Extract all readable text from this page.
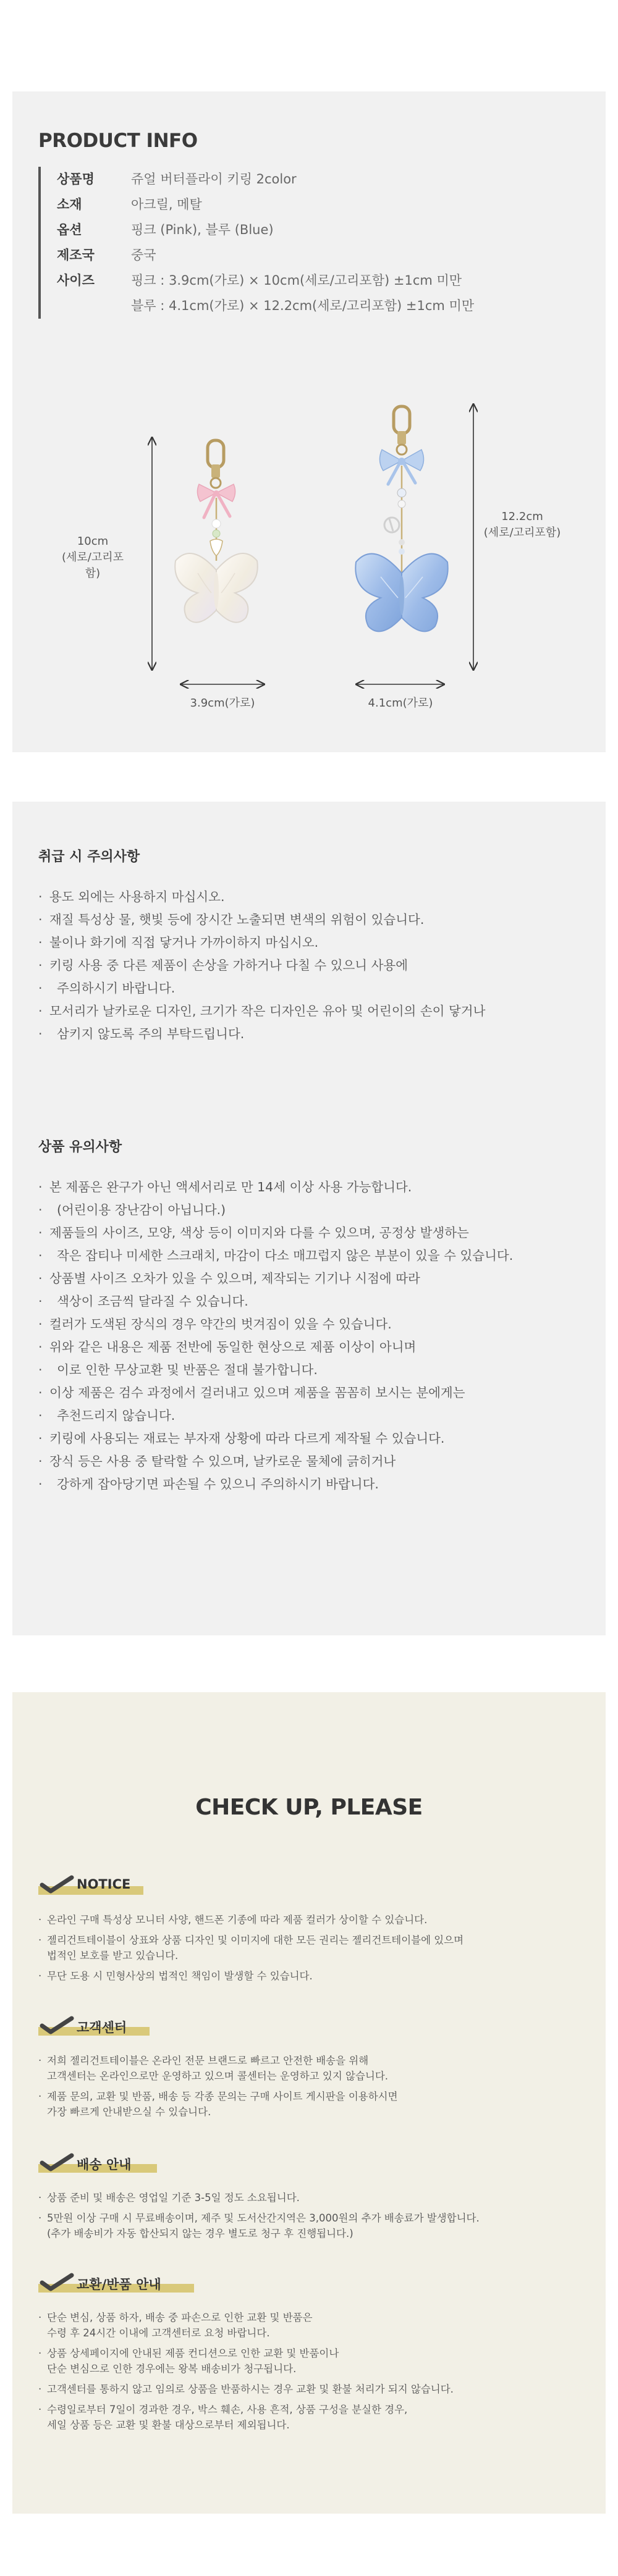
PRODUCT INFO
상품명	쥬얼 버터플라이 키링 2color
소재	아크릴, 메탈
옵션	핑크 (Pink), 블루 (Blue)
제조국	중국
사이즈	핑크 : 3.9cm(가로) × 10cm(세로/고리포함) ±1cm 미만
블루 : 4.1cm(가로) × 12.2cm(세로/고리포함) ±1cm 미만
10cm
(세로/고리포함)
3.9cm(가로)
12.2cm
(세로/고리포함)
4.1cm(가로)
취급 시 주의사항
· 용도 외에는 사용하지 마십시오.
· 재질 특성상 물, 햇빛 등에 장시간 노출되면 변색의 위험이 있습니다.
· 불이나 화기에 직접 닿거나 가까이하지 마십시오.
· 키링 사용 중 다른 제품이 손상을 가하거나 다칠 수 있으니 사용에
· 주의하시기 바랍니다.
· 모서리가 날카로운 디자인, 크기가 작은 디자인은 유아 및 어린이의 손이 닿거나
· 삼키지 않도록 주의 부탁드립니다.
상품 유의사항
· 본 제품은 완구가 아닌 액세서리로 만 14세 이상 사용 가능합니다.
· (어린이용 장난감이 아닙니다.)
· 제품들의 사이즈, 모양, 색상 등이 이미지와 다를 수 있으며, 공정상 발생하는
· 작은 잡티나 미세한 스크래치, 마감이 다소 매끄럽지 않은 부분이 있을 수 있습니다.
· 상품별 사이즈 오차가 있을 수 있으며, 제작되는 기기나 시점에 따라
· 색상이 조금씩 달라질 수 있습니다.
· 컬러가 도색된 장식의 경우 약간의 벗겨짐이 있을 수 있습니다.
· 위와 같은 내용은 제품 전반에 동일한 현상으로 제품 이상이 아니며
· 이로 인한 무상교환 및 반품은 절대 불가합니다.
· 이상 제품은 검수 과정에서 걸러내고 있으며 제품을 꼼꼼히 보시는 분에게는
· 추천드리지 않습니다.
· 키링에 사용되는 재료는 부자재 상황에 따라 다르게 제작될 수 있습니다.
· 장식 등은 사용 중 탈락할 수 있으며, 날카로운 물체에 긁히거나
· 강하게 잡아당기면 파손될 수 있으니 주의하시기 바랍니다.
CHECK UP, PLEASE
NOTICE
· 온라인 구매 특성상 모니터 사양, 핸드폰 기종에 따라 제품 컬러가 상이할 수 있습니다.
· 젤리건트테이블이 상표와 상품 디자인 및 이미지에 대한 모든 권리는 젤리건트테이블에 있으며
법적인 보호를 받고 있습니다.
· 무단 도용 시 민형사상의 법적인 책임이 발생할 수 있습니다.
고객센터
· 저희 젤리건트테이블은 온라인 전문 브랜드로 빠르고 안전한 배송을 위해
고객센터는 온라인으로만 운영하고 있으며 콜센터는 운영하고 있지 않습니다.
· 제품 문의, 교환 및 반품, 배송 등 각종 문의는 구매 사이트 게시판을 이용하시면
가장 빠르게 안내받으실 수 있습니다.
배송 안내
· 상품 준비 및 배송은 영업일 기준 3-5일 정도 소요됩니다.
· 5만원 이상 구매 시 무료배송이며, 제주 및 도서산간지역은 3,000원의 추가 배송료가 발생합니다.
(추가 배송비가 자동 합산되지 않는 경우 별도로 청구 후 진행됩니다.)
교환/반품 안내
· 단순 변심, 상품 하자, 배송 중 파손으로 인한 교환 및 반품은
수령 후 24시간 이내에 고객센터로 요청 바랍니다.
· 상품 상세페이지에 안내된 제품 컨디션으로 인한 교환 및 반품이나
단순 변심으로 인한 경우에는 왕복 배송비가 청구됩니다.
· 고객센터를 통하지 않고 임의로 상품을 반품하시는 경우 교환 및 환불 처리가 되지 않습니다.
· 수령일로부터 7일이 경과한 경우, 박스 훼손, 사용 흔적, 상품 구성을 분실한 경우,
세일 상품 등은 교환 및 환불 대상으로부터 제외됩니다.
